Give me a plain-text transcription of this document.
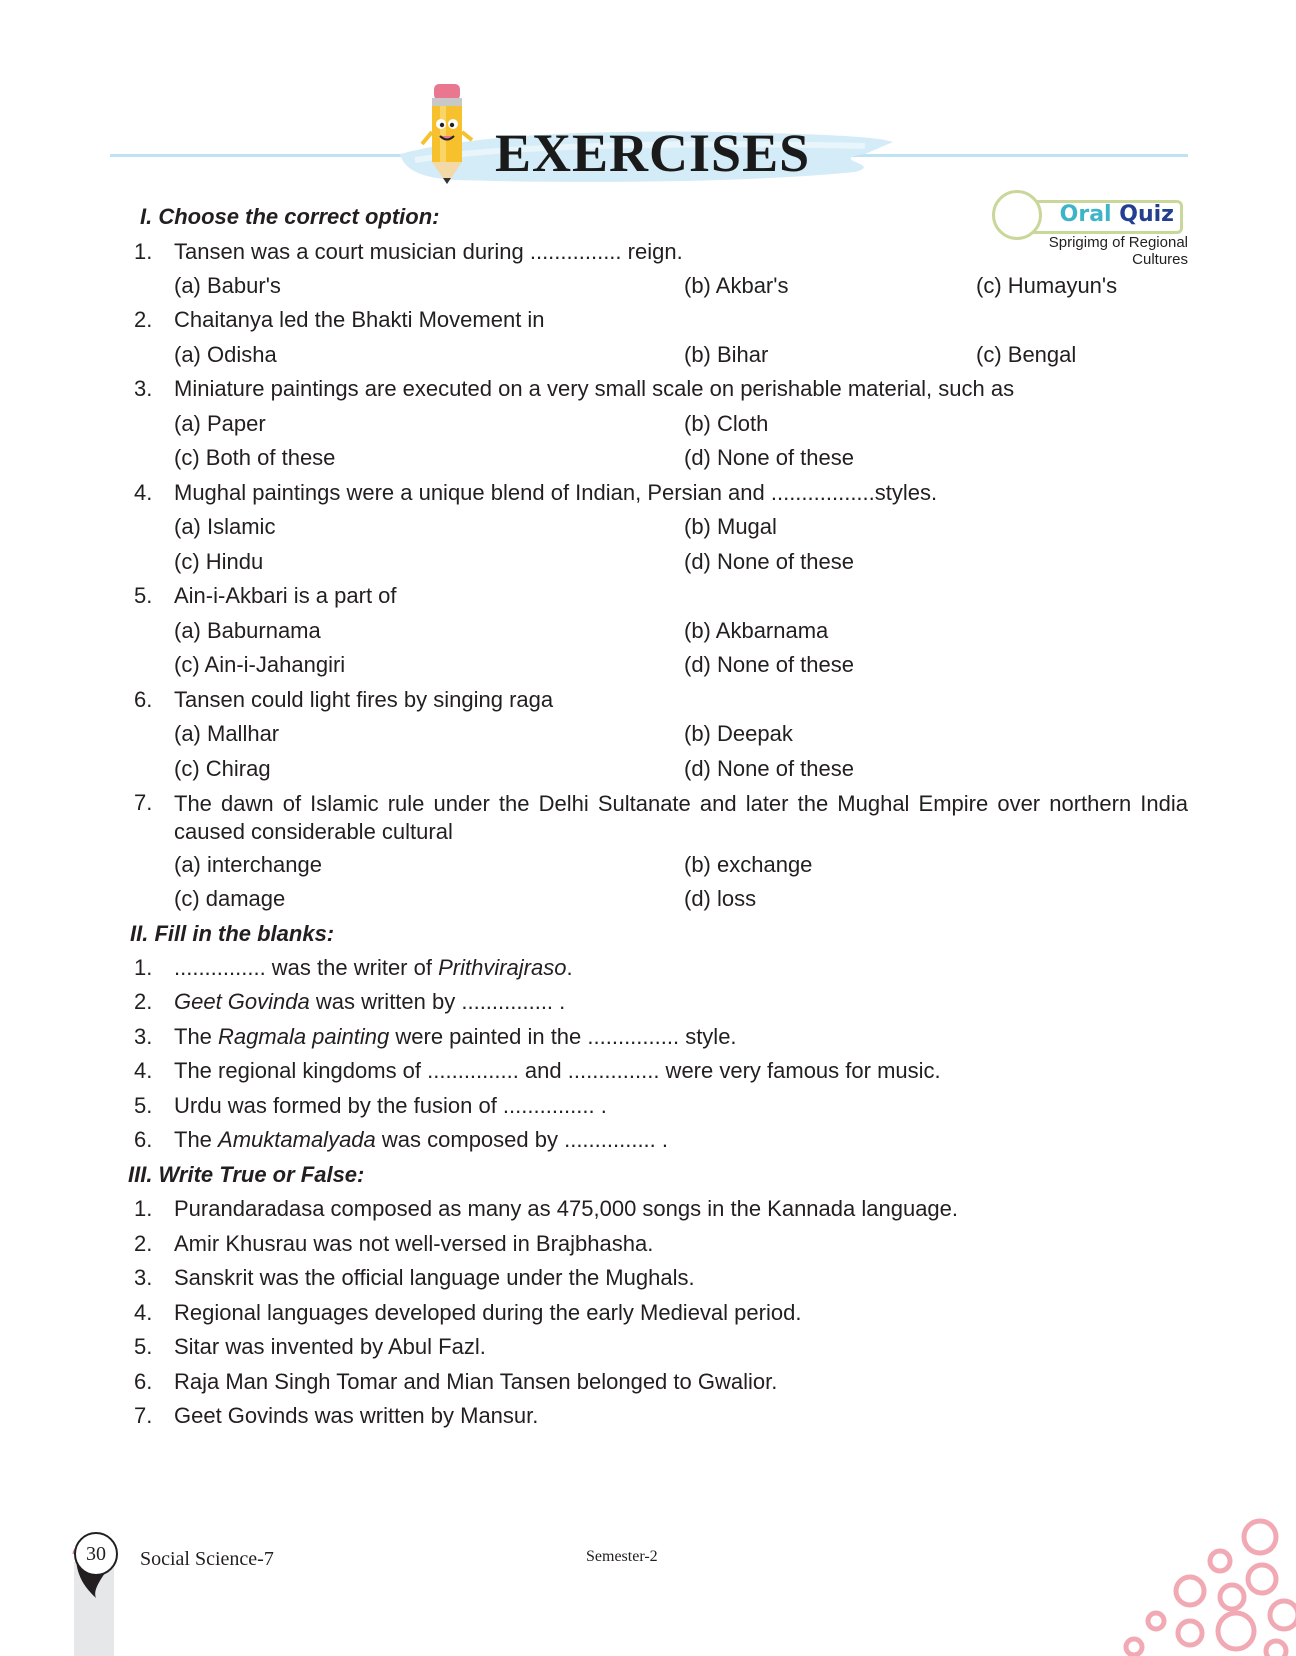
EXERCISES
Oral Quiz
Sprigimg of Regional
Cultures
I. Choose the correct option:
1. Tansen was a court musician during ............... reign.
(a) Babur's	(b) Akbar's	(c) Humayun's
2. Chaitanya led the Bhakti Movement in
(a) Odisha	(b) Bihar	(c) Bengal
3. Miniature paintings are executed on a very small scale on perishable material, such as
(a) Paper	(b) Cloth
(c) Both of these	(d) None of these
4. Mughal paintings were a unique blend of Indian, Persian and .................styles.
(a) Islamic	(b) Mugal
(c) Hindu	(d) None of these
5. Ain-i-Akbari is a part of
(a) Baburnama	(b) Akbarnama
(c) Ain-i-Jahangiri	(d) None of these
6. Tansen could light fires by singing raga
(a) Mallhar	(b) Deepak
(c) Chirag	(d) None of these
7. The dawn of Islamic rule under the Delhi Sultanate and later the Mughal Empire over northern India caused considerable cultural
(a) interchange	(b) exchange
(c) damage	(d) loss
II. Fill in the blanks:
1. ............... was the writer of Prithvirajraso.
2. Geet Govinda was written by ............... .
3. The Ragmala painting were painted in the ............... style.
4. The regional kingdoms of ............... and ............... were very famous for music.
5. Urdu was formed by the fusion of ............... .
6. The Amuktamalyada was composed by ............... .
III. Write True or False:
1. Purandaradasa composed as many as 475,000 songs in the Kannada language.
2. Amir Khusrau was not well-versed in Brajbhasha.
3. Sanskrit was the official language under the Mughals.
4. Regional languages developed during the early Medieval period.
5. Sitar was invented by Abul Fazl.
6. Raja Man Singh Tomar and Mian Tansen belonged to Gwalior.
7. Geet Govinds was written by Mansur.
30	Social Science-7	Semester-2
